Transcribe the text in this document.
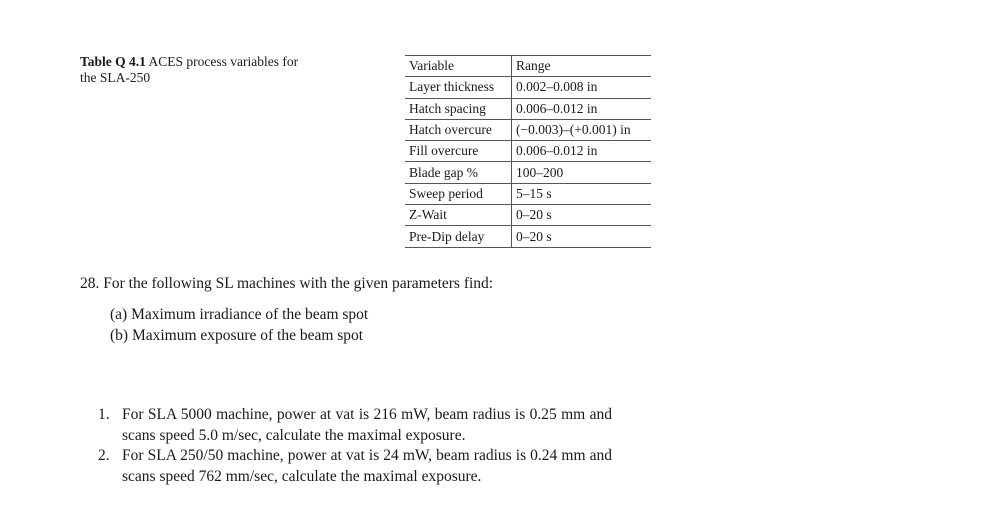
Table Q 4.1 ACES process variables for the SLA-250
Variable	Range
Layer thickness	0.002–0.008 in
Hatch spacing	0.006–0.012 in
Hatch overcure	(−0.003)–(+0.001) in
Fill overcure	0.006–0.012 in
Blade gap %	100–200
Sweep period	5–15 s
Z-Wait	0–20 s
Pre-Dip delay	0–20 s
28. For the following SL machines with the given parameters find:
(a) Maximum irradiance of the beam spot
(b) Maximum exposure of the beam spot
1. For SLA 5000 machine, power at vat is 216 mW, beam radius is 0.25 mm and scans speed 5.0 m/sec, calculate the maximal exposure.
2. For SLA 250/50 machine, power at vat is 24 mW, beam radius is 0.24 mm and scans speed 762 mm/sec, calculate the maximal exposure.
